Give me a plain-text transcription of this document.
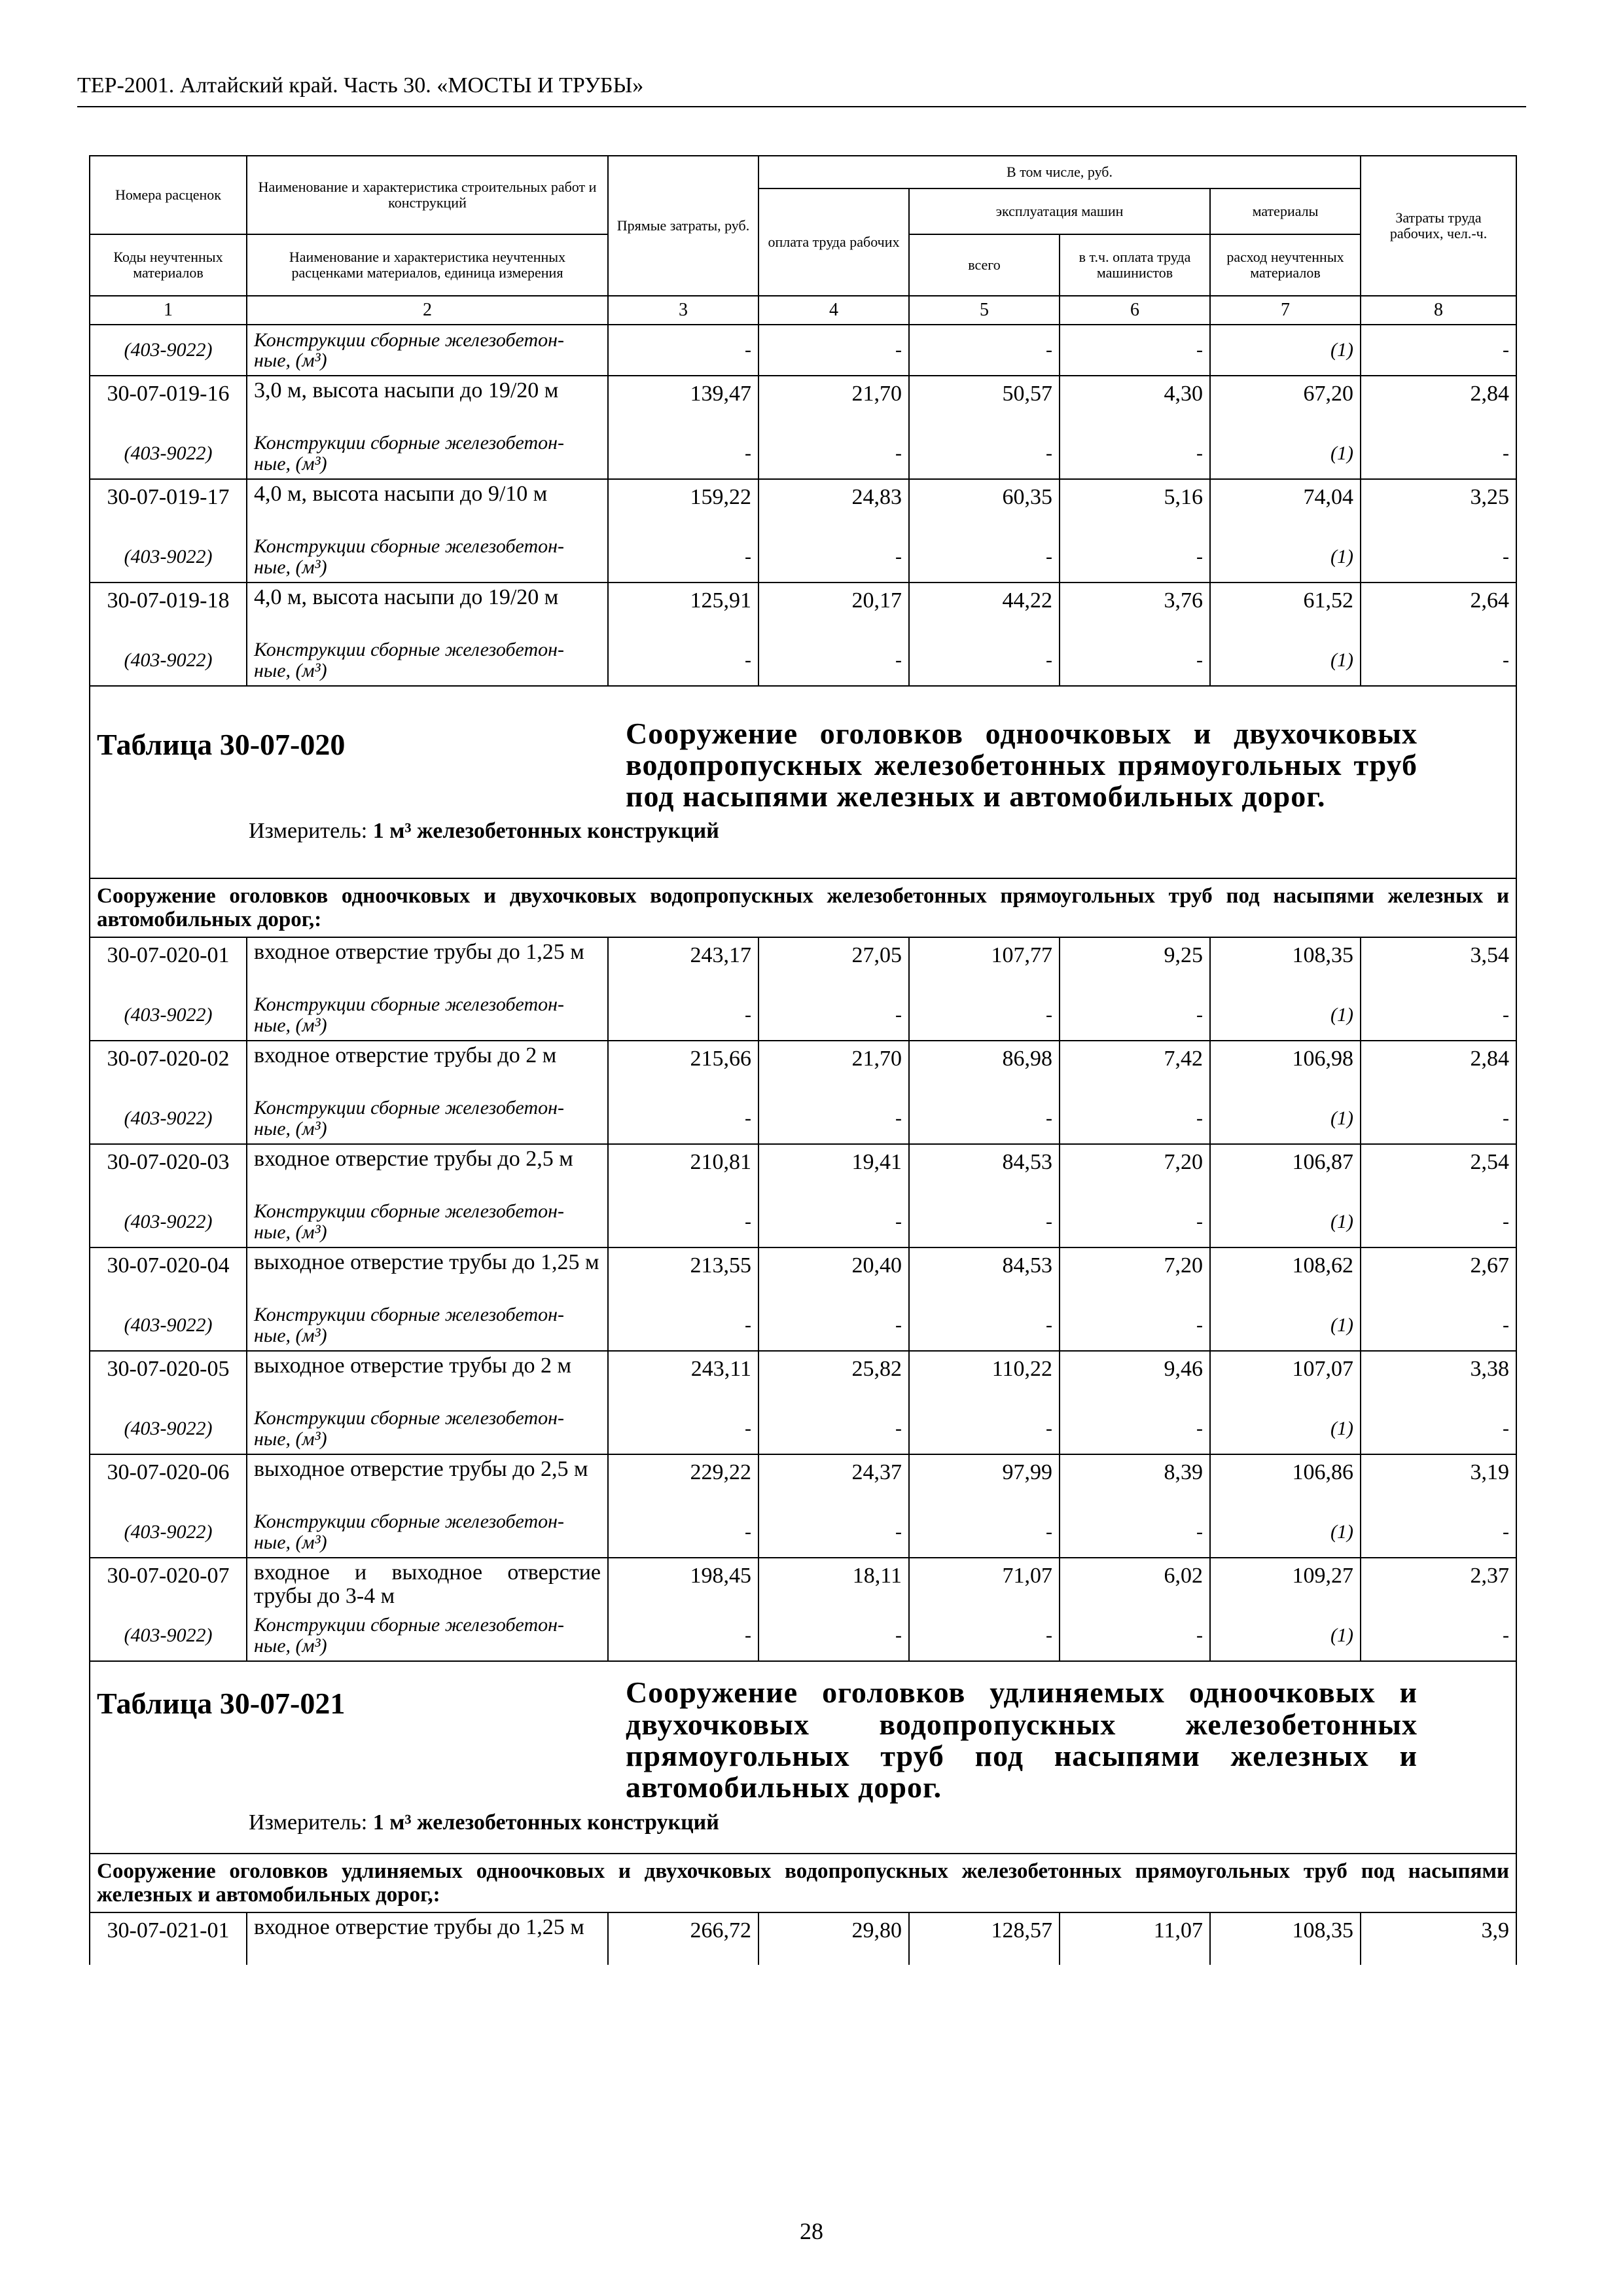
ТЕР-2001. Алтайский край. Часть 30. «МОСТЫ И ТРУБЫ»
Номера расценок	Наименование и характеристика строительных работ и конструкций	Прямые затраты, руб.	В том числе, руб.				Затраты труда рабочих, чел.-ч.
			оплата труда рабочих	эксплуатация машин		материалы	
Коды неучтенных материалов	Наименование и характеристика неучтенных расценками материалов, единица измерения			всего	в т.ч. оплата труда машинистов	расход неучтенных материалов	
1	2	3	4	5	6	7	8
(403-9022)	Конструкции сборные железобетон-ные, (м³)	-	-	-	-	(1)	-
30-07-019-16	3,0 м, высота насыпи до 19/20 м	139,47	21,70	50,57	4,30	67,20	2,84
(403-9022)	Конструкции сборные железобетон-ные, (м³)	-	-	-	-	(1)	-
30-07-019-17	4,0 м, высота насыпи до 9/10 м	159,22	24,83	60,35	5,16	74,04	3,25
(403-9022)	Конструкции сборные железобетон-ные, (м³)	-	-	-	-	(1)	-
30-07-019-18	4,0 м, высота насыпи до 19/20 м	125,91	20,17	44,22	3,76	61,52	2,64
(403-9022)	Конструкции сборные железобетон-ные, (м³)	-	-	-	-	(1)	-

Таблица 30-07-020 Сооружение оголовков одноочковых и двухочковых водопропускных железобетонных прямоугольных труб под насыпями железных и автомобильных дорог.
Измеритель: 1 м³ железобетонных конструкций							

Сооружение оголовков одноочковых и двухочковых водопропускных железобетонных прямоугольных труб под насыпями железных и автомобильных дорог,:							
30-07-020-01	входное отверстие трубы до 1,25 м	243,17	27,05	107,77	9,25	108,35	3,54
(403-9022)	Конструкции сборные железобетон-ные, (м³)	-	-	-	-	(1)	-
30-07-020-02	входное отверстие трубы до 2 м	215,66	21,70	86,98	7,42	106,98	2,84
(403-9022)	Конструкции сборные железобетон-ные, (м³)	-	-	-	-	(1)	-
30-07-020-03	входное отверстие трубы до 2,5 м	210,81	19,41	84,53	7,20	106,87	2,54
(403-9022)	Конструкции сборные железобетон-ные, (м³)	-	-	-	-	(1)	-
30-07-020-04	выходное отверстие трубы до 1,25 м	213,55	20,40	84,53	7,20	108,62	2,67
(403-9022)	Конструкции сборные железобетон-ные, (м³)	-	-	-	-	(1)	-
30-07-020-05	выходное отверстие трубы до 2 м	243,11	25,82	110,22	9,46	107,07	3,38
(403-9022)	Конструкции сборные железобетон-ные, (м³)	-	-	-	-	(1)	-
30-07-020-06	выходное отверстие трубы до 2,5 м	229,22	24,37	97,99	8,39	106,86	3,19
(403-9022)	Конструкции сборные железобетон-ные, (м³)	-	-	-	-	(1)	-
30-07-020-07	входное и выходное отверстие трубы до 3-4 м	198,45	18,11	71,07	6,02	109,27	2,37
(403-9022)	Конструкции сборные железобетон-ные, (м³)	-	-	-	-	(1)	-

Таблица 30-07-021 Сооружение оголовков удлиняемых одноочковых и двухочковых водопропускных железобетонных прямоугольных труб под насыпями железных и автомобильных дорог.
Измеритель: 1 м³ железобетонных конструкций							

Сооружение оголовков удлиняемых одноочковых и двухочковых водопропускных железобетонных прямоугольных труб под насыпями железных и автомобильных дорог,:							
30-07-021-01	входное отверстие трубы до 1,25 м	266,72	29,80	128,57	11,07	108,35	3,9
28
